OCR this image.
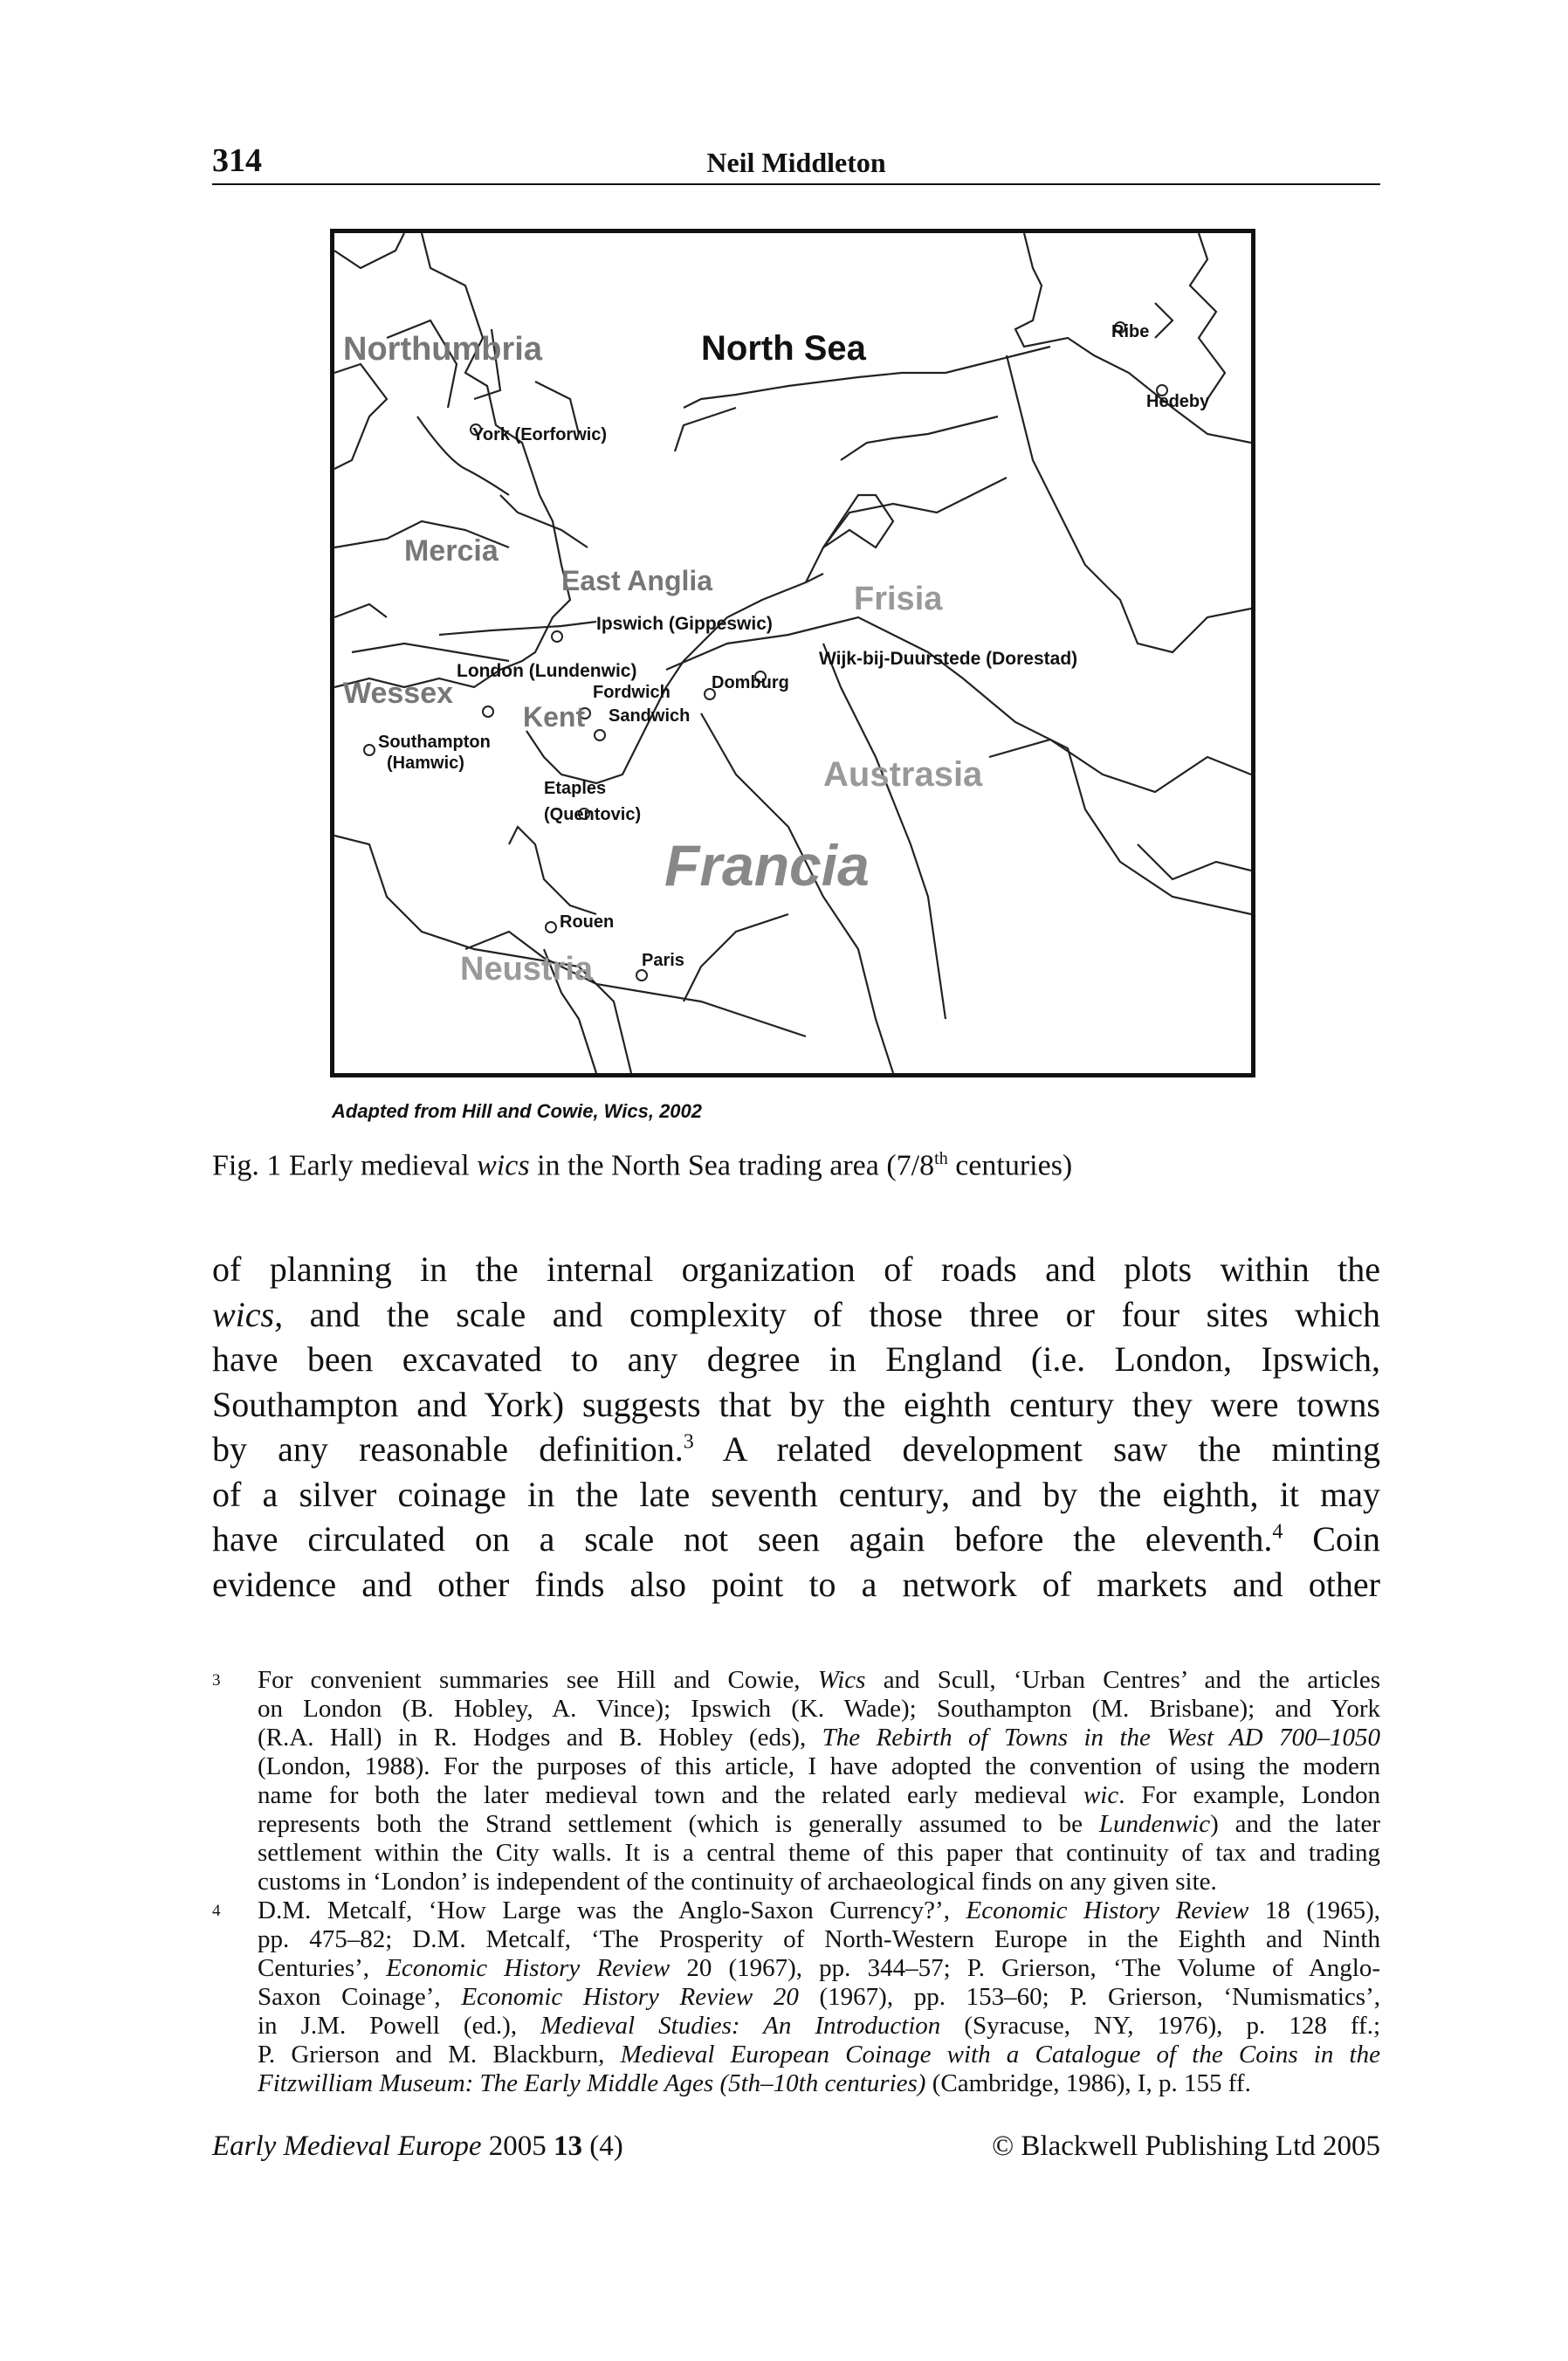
314	Neil Middleton
Northumbria	North Sea	Ribe
Hedeby
York (Eorforwic)
Mercia
East Anglia	Frisia
Ipswich (Gippeswic)
London (Lundenwic)
Wijk-bij-Duurstede (Dorestad)
Domburg
Fordwich
Wessex
Kent Sandwich
Southampton
(Hamwic)
Etaples
(Quentovic)
Austrasia
Francia
Rouen
Neustria	Paris
Adapted from Hill and Cowie, Wics, 2002
Fig. 1 Early medieval wics in the North Sea trading area (7/8th centuries)
of planning in the internal organization of roads and plots within the
wics, and the scale and complexity of those three or four sites which
have been excavated to any degree in England (i.e. London, Ipswich,
Southampton and York) suggests that by the eighth century they were towns
by any reasonable definition.$^3$ A related development saw the minting
of a silver coinage in the late seventh century, and by the eighth, it may
have circulated on a scale not seen again before the eleventh.$^4$ Coin
evidence and other finds also point to a network of markets and other
3 For convenient summaries see Hill and Cowie, Wics and Scull, ‘Urban Centres’ and the articles
on London (B. Hobley, A. Vince); Ipswich (K. Wade); Southampton (M. Brisbane); and York
(R.A. Hall) in R. Hodges and B. Hobley (eds), The Rebirth of Towns in the West AD 700–1050
(London, 1988). For the purposes of this article, I have adopted the convention of using the modern
name for both the later medieval town and the related early medieval wic. For example, London
represents both the Strand settlement (which is generally assumed to be Lundenwic) and the later
settlement within the City walls. It is a central theme of this paper that continuity of tax and trading
customs in ‘London’ is independent of the continuity of archaeological finds on any given site.
4 D.M. Metcalf, ‘How Large was the Anglo-Saxon Currency?’, Economic History Review 18 (1965),
pp. 475–82; D.M. Metcalf, ‘The Prosperity of North-Western Europe in the Eighth and Ninth
Centuries’, Economic History Review 20 (1967), pp. 344–57; P. Grierson, ‘The Volume of Anglo-
Saxon Coinage’, Economic History Review 20 (1967), pp. 153–60; P. Grierson, ‘Numismatics’,
in J.M. Powell (ed.), Medieval Studies: An Introduction (Syracuse, NY, 1976), p. 128 ff.;
P. Grierson and M. Blackburn, Medieval European Coinage with a Catalogue of the Coins in the
Fitzwilliam Museum: The Early Middle Ages (5th–10th centuries) (Cambridge, 1986), I, p. 155 ff.
Early Medieval Europe 2005 13 (4)	© Blackwell Publishing Ltd 2005
